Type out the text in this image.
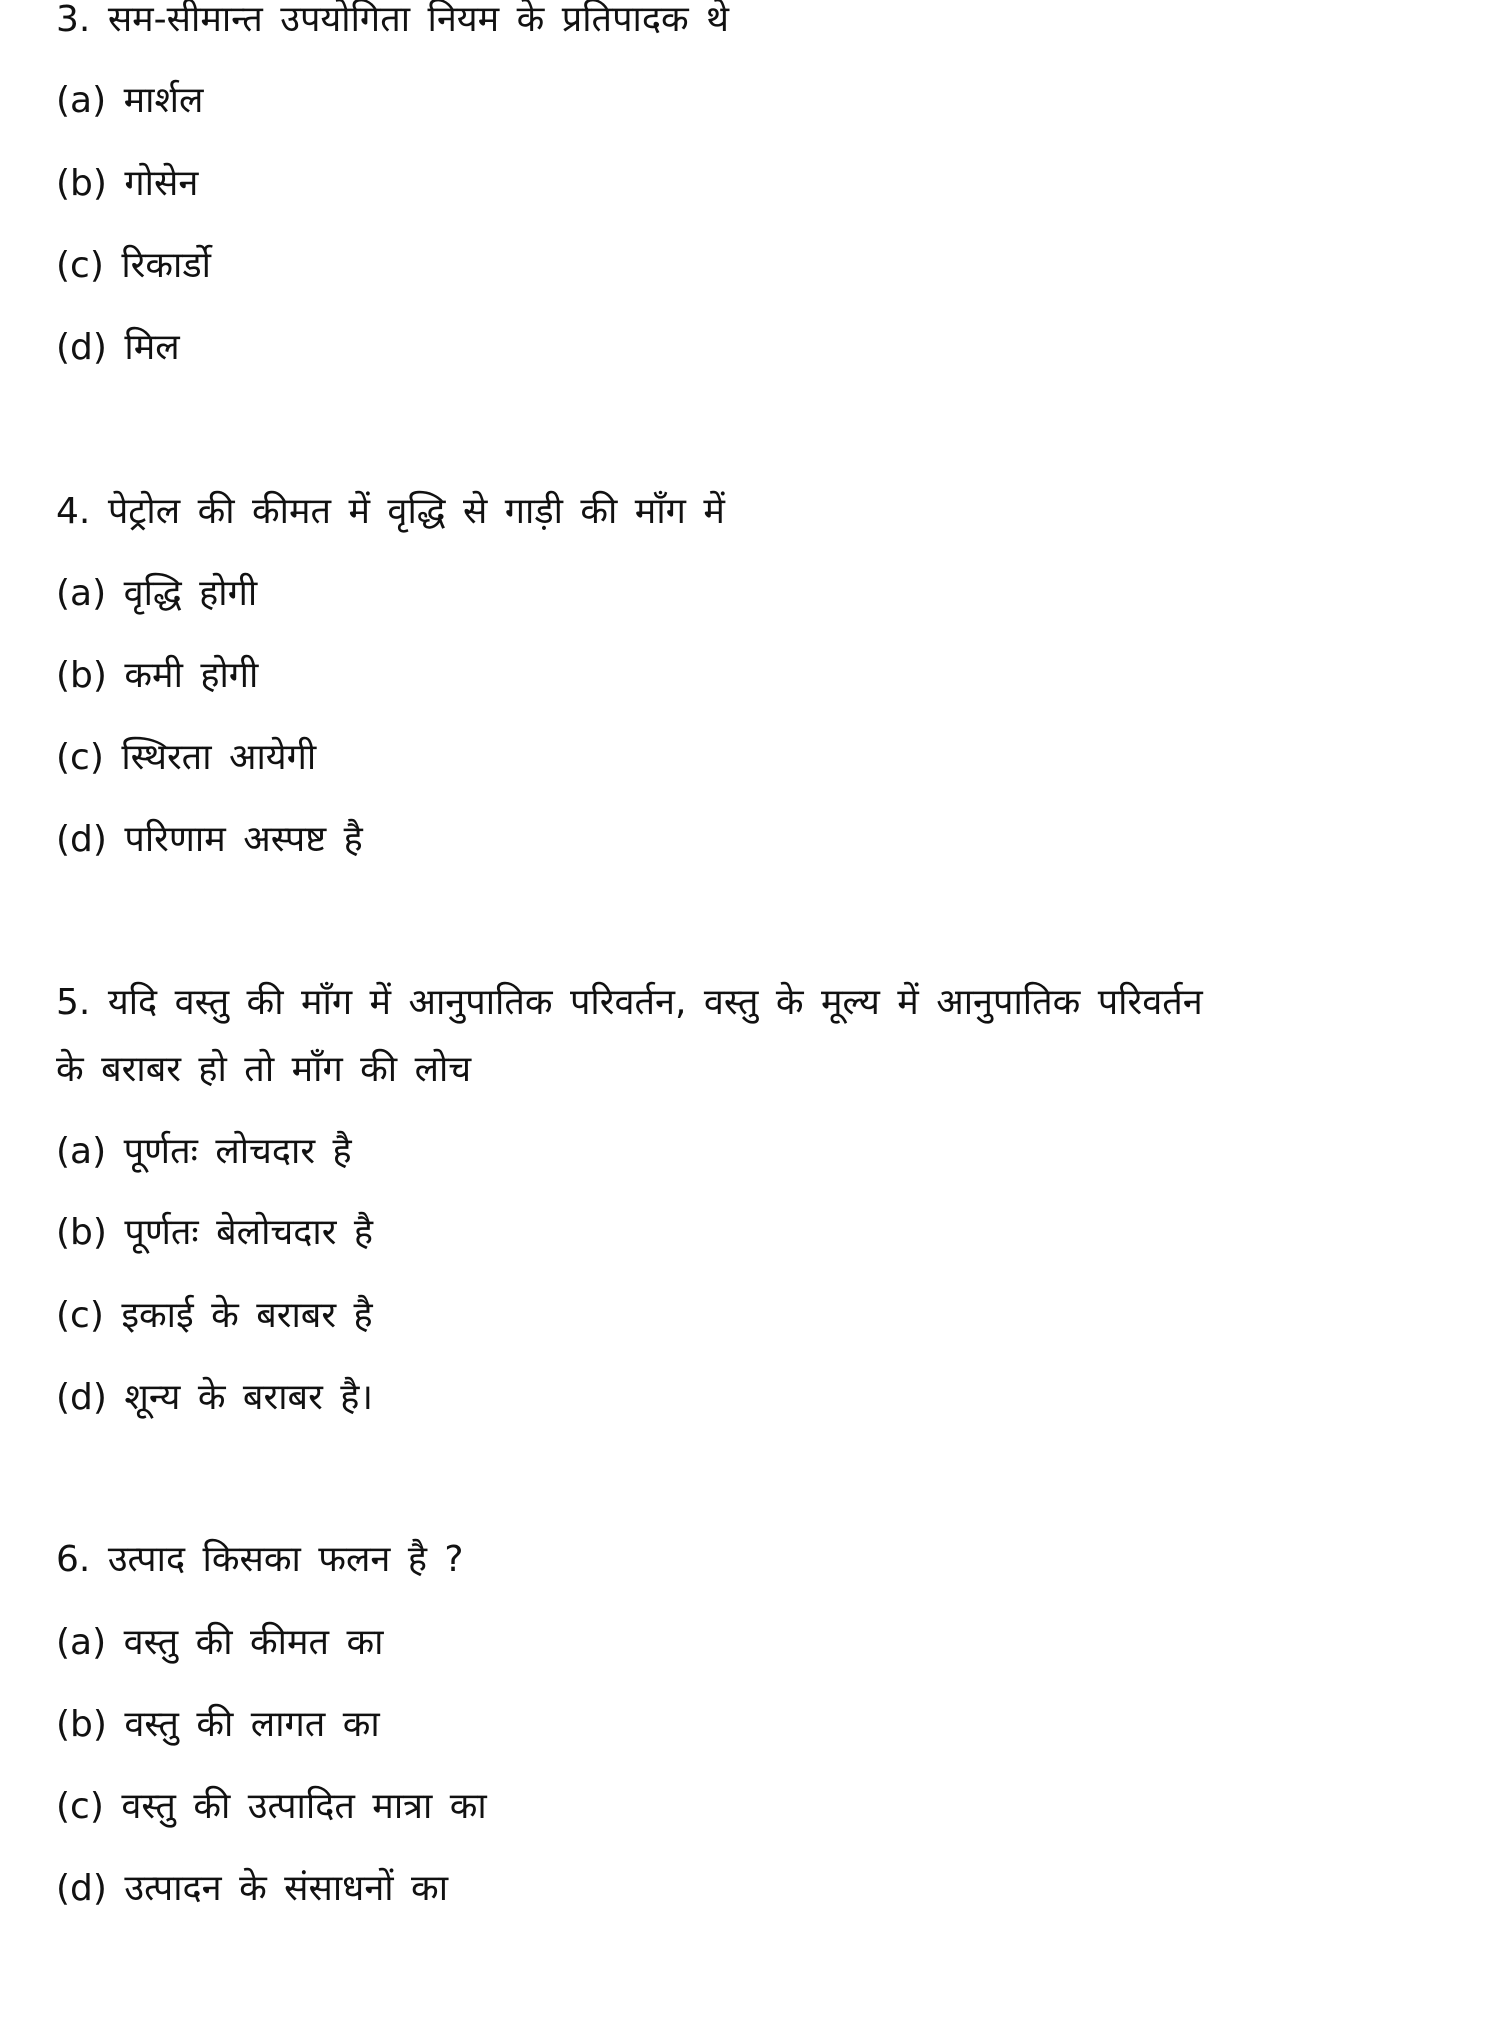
3. सम-सीमान्त उपयोगिता नियम के प्रतिपादक थे
(a) मार्शल
(b) गोसेन
(c) रिकार्डो
(d) मिल
4. पेट्रोल की कीमत में वृद्धि से गाड़ी की माँग में
(a) वृद्धि होगी
(b) कमी होगी
(c) स्थिरता आयेगी
(d) परिणाम अस्पष्ट है
5. यदि वस्तु की माँग में आनुपातिक परिवर्तन, वस्तु के मूल्य में आनुपातिक परिवर्तन
के बराबर हो तो माँग की लोच
(a) पूर्णतः लोचदार है
(b) पूर्णतः बेलोचदार है
(c) इकाई के बराबर है
(d) शून्य के बराबर है।
6. उत्पाद किसका फलन है ?
(a) वस्तु की कीमत का
(b) वस्तु की लागत का
(c) वस्तु की उत्पादित मात्रा का
(d) उत्पादन के संसाधनों का
